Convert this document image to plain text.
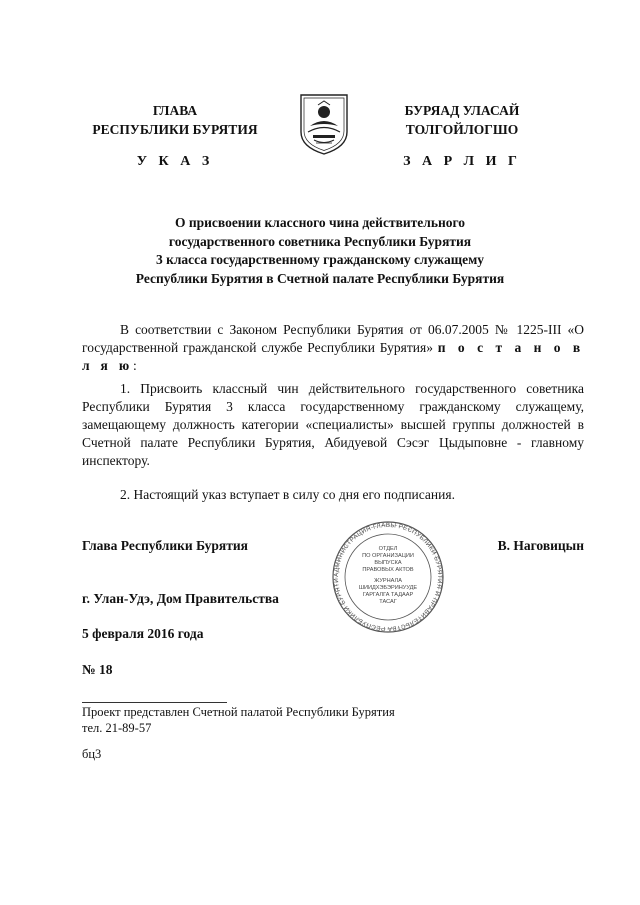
ГЛАВА
РЕСПУБЛИКИ БУРЯТИЯ
БУРЯАД УЛАСАЙ
ТОЛГОЙЛОГШО
У К А З	З А Р Л И Г
О присвоении классного чина действительного
государственного советника Республики Бурятия
3 класса государственному гражданскому служащему
Республики Бурятия в Счетной палате Республики Бурятия
В соответствии с Законом Республики Бурятия от 06.07.2005 № 1225-III «О государственной гражданской службе Республики Бурятия» п о с т а н о в л я ю:
1. Присвоить классный чин действительного государственного советника Республики Бурятия 3 класса государственному гражданскому служащему, замещающему должность категории «специалисты» высшей группы должностей в Счетной палате Республики Бурятия, Абидуевой Сэсэг Цыдыповне - главному инспектору.
2. Настоящий указ вступает в силу со дня его подписания.
Глава Республики Бурятия	В. Наговицын
г. Улан-Удэ, Дом Правительства
5 февраля 2016 года
№ 18
АДМИНИСТРАЦИЯ ГЛАВЫ РЕСПУБЛИКИ БУРЯТИЯ И ПРАВИТЕЛЬСТВА РЕСПУБЛИКИ БУРЯТИ
ОТДЕЛ
ПО ОРГАНИЗАЦИИ
ВЫПУСКА
ПРАВОВЫХ АКТОВ
ЖУРНАЛА
ШИИДХЭБЭРИНУУДЕ
ГАРГАЛГА ТАДААР
ТАСАГ
Проект представлен Счетной палатой Республики Бурятия
тел. 21-89-57
бц3
